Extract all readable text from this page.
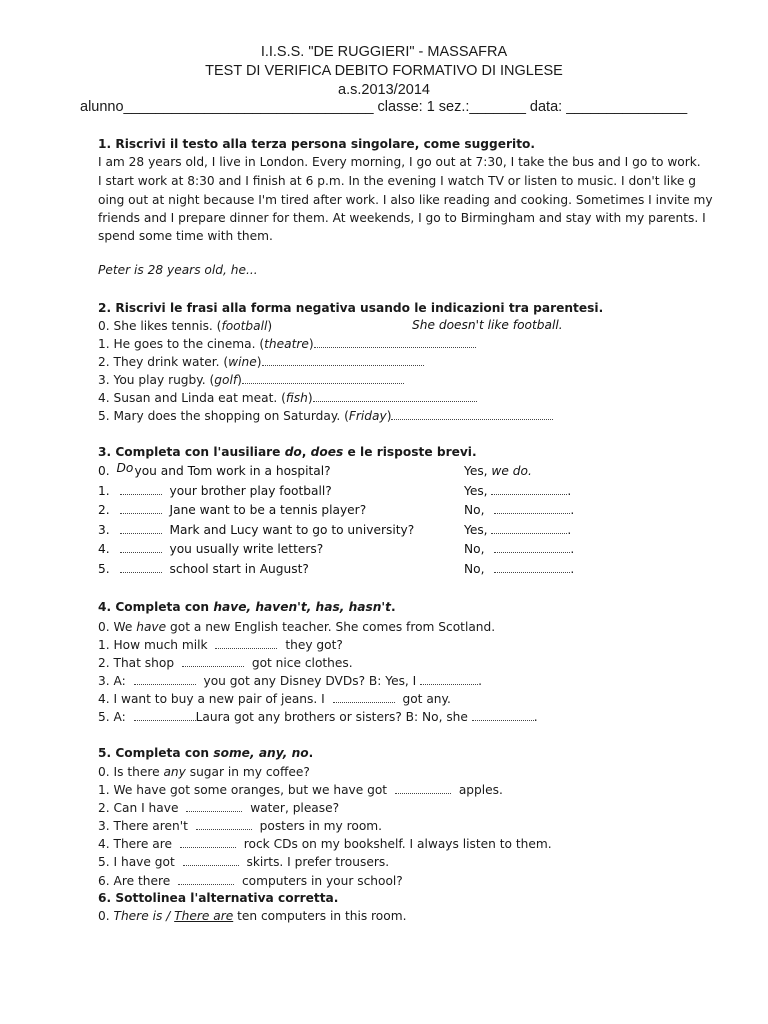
I.I.S.S. "DE RUGGIERI" - MASSAFRA
TEST DI VERIFICA DEBITO FORMATIVO DI INGLESE
a.s.2013/2014
alunno_______________________________ classe: 1 sez.:_______ data: _______________
1. Riscrivi il testo alla terza persona singolare, come suggerito.
I am 28 years old, I live in London. Every morning, I go out at 7:30, I take the bus and I go to work.
I start work at 8:30 and I finish at 6 p.m. In the evening I watch TV or listen to music. I don't like g
oing out at night because I'm tired after work. I also like reading and cooking. Sometimes I invite my
friends and I prepare dinner for them. At weekends, I go to Birmingham and stay with my parents. I
spend some time with them.
Peter is 28 years old, he...
2. Riscrivi le frasi alla forma negativa usando le indicazioni tra parentesi.
0. She likes tennis. (football)	She doesn't like football.
1. He goes to the cinema. (theatre)
2. They drink water. (wine)
3. You play rugby. (golf)
4. Susan and Linda eat meat. (fish)
5. Mary does the shopping on Saturday. (Friday)
3. Completa con l'ausiliare do, does e le risposte brevi.
0. Doyou and Tom work in a hospital?	Yes, we do.
1.	your brother play football?	Yes,	.
2.	Jane want to be a tennis player?	No,	.
3.	Mark and Lucy want to go to university?	Yes,	.
4.	you usually write letters?	No,	.
5.	school start in August?	No,	.
4. Completa con have, haven't, has, hasn't.
0. We have got a new English teacher. She comes from Scotland.
1. How much milk	they got?
2. That shop	got nice clothes.
3. A:	you got any Disney DVDs? B: Yes, I	.
4. I want to buy a new pair of jeans. I	got any.
5. A:	Laura got any brothers or sisters? B: No, she	.
5. Completa con some, any, no.
0. Is there any sugar in my coffee?
1. We have got some oranges, but we have got	apples.
2. Can I have	water, please?
3. There aren't	posters in my room.
4. There are	rock CDs on my bookshelf. I always listen to them.
5. I have got	skirts. I prefer trousers.
6. Are there	computers in your school?
6. Sottolinea l'alternativa corretta.
0. There is / There are ten computers in this room.
